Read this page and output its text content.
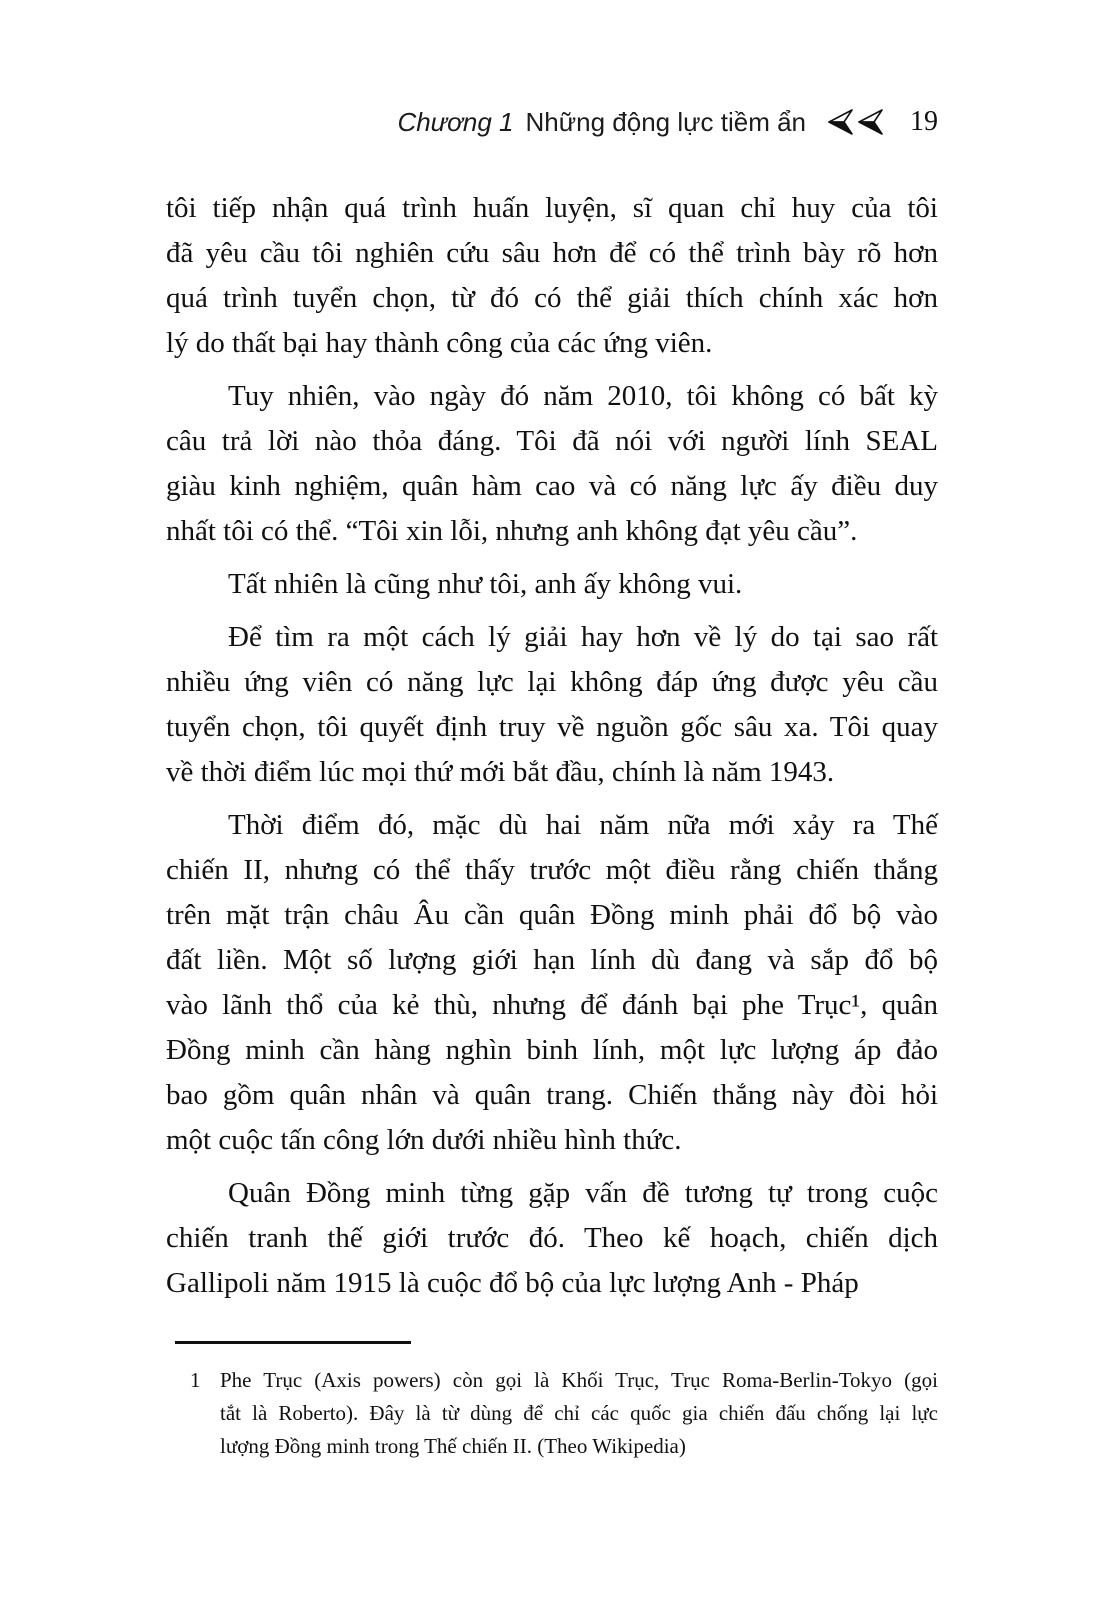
Chương 1 Những động lực tiềm ẩn	19
tôi tiếp nhận quá trình huấn luyện, sĩ quan chỉ huy của tôi
đã yêu cầu tôi nghiên cứu sâu hơn để có thể trình bày rõ hơn
quá trình tuyển chọn, từ đó có thể giải thích chính xác hơn
lý do thất bại hay thành công của các ứng viên.
Tuy nhiên, vào ngày đó năm 2010, tôi không có bất kỳ
câu trả lời nào thỏa đáng. Tôi đã nói với người lính SEAL
giàu kinh nghiệm, quân hàm cao và có năng lực ấy điều duy
nhất tôi có thể. “Tôi xin lỗi, nhưng anh không đạt yêu cầu”.
Tất nhiên là cũng như tôi, anh ấy không vui.
Để tìm ra một cách lý giải hay hơn về lý do tại sao rất
nhiều ứng viên có năng lực lại không đáp ứng được yêu cầu
tuyển chọn, tôi quyết định truy về nguồn gốc sâu xa. Tôi quay
về thời điểm lúc mọi thứ mới bắt đầu, chính là năm 1943.
Thời điểm đó, mặc dù hai năm nữa mới xảy ra Thế
chiến II, nhưng có thể thấy trước một điều rằng chiến thắng
trên mặt trận châu Âu cần quân Đồng minh phải đổ bộ vào
đất liền. Một số lượng giới hạn lính dù đang và sắp đổ bộ
vào lãnh thổ của kẻ thù, nhưng để đánh bại phe Trục¹, quân
Đồng minh cần hàng nghìn binh lính, một lực lượng áp đảo
bao gồm quân nhân và quân trang. Chiến thắng này đòi hỏi
một cuộc tấn công lớn dưới nhiều hình thức.
Quân Đồng minh từng gặp vấn đề tương tự trong cuộc
chiến tranh thế giới trước đó. Theo kế hoạch, chiến dịch
Gallipoli năm 1915 là cuộc đổ bộ của lực lượng Anh - Pháp
1 Phe Trục (Axis powers) còn gọi là Khối Trục, Trục Roma-Berlin-Tokyo (gọi
tắt là Roberto). Đây là từ dùng để chỉ các quốc gia chiến đấu chống lại lực
lượng Đồng minh trong Thế chiến II. (Theo Wikipedia)
